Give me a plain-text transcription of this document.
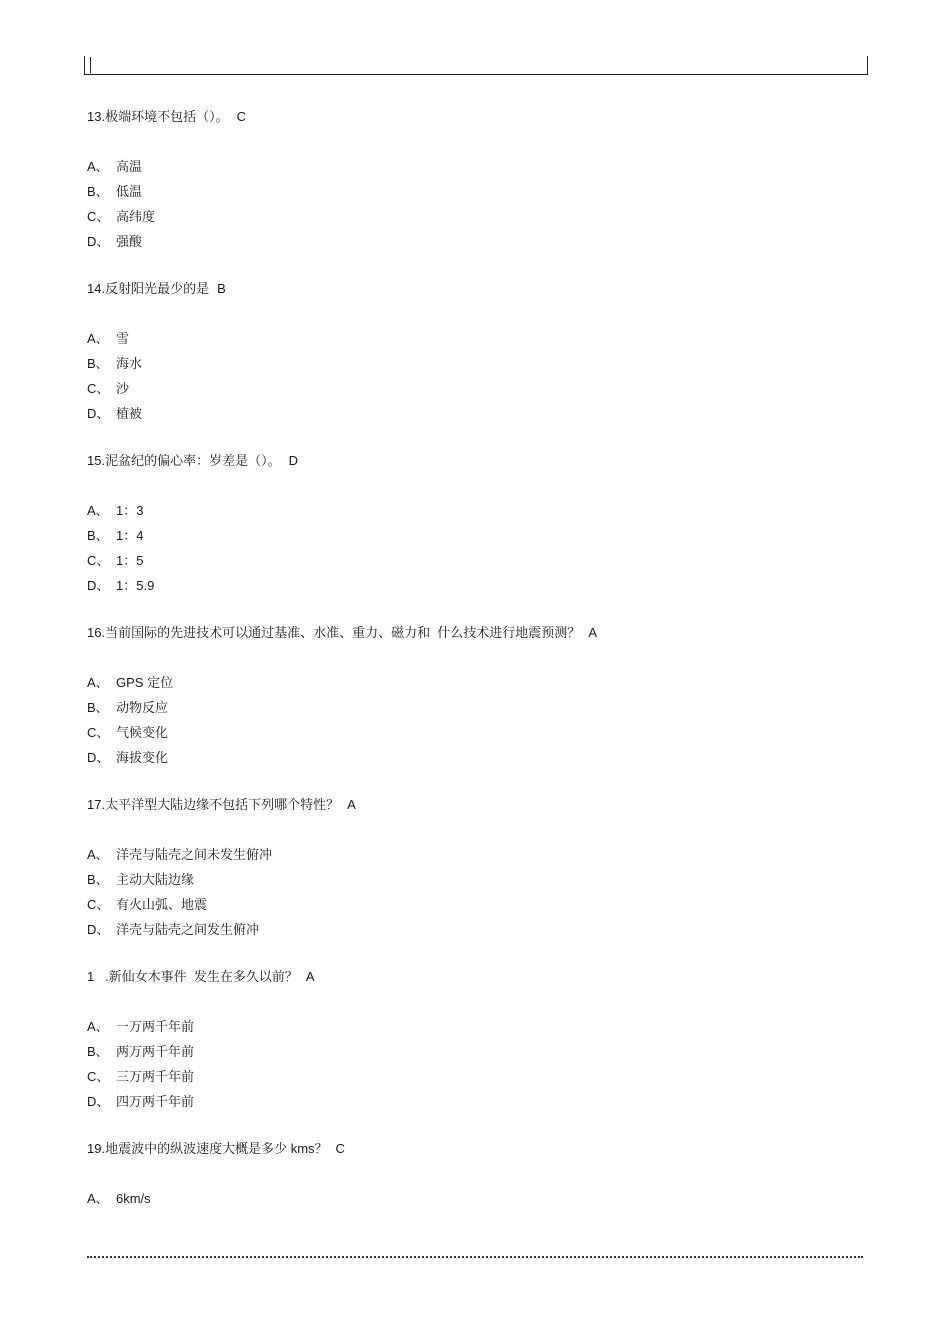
13.极端环境不包括（）。 C
A、 高温
B、 低温
C、 高纬度
D、 强酸
14.反射阳光最少的是 B
A、 雪
B、 海水
C、 沙
D、 植被
15.泥盆纪的偏心率：岁差是（）。 D
A、 1：3
B、 1：4
C、 1：5
D、 1：5.9
16.当前国际的先进技术可以通过基准、水准、重力、磁力和  什么技术进行地震预测？ A
A、 GPS 定位
B、 动物反应
C、 气候变化
D、 海拔变化
17.太平洋型大陆边缘不包括下列哪个特性？ A
A、 洋壳与陆壳之间未发生俯冲
B、 主动大陆边缘
C、 有火山弧、地震
D、 洋壳与陆壳之间发生俯冲
1   .新仙女木事件  发生在多久以前？ A
A、 一万两千年前
B、 两万两千年前
C、 三万两千年前
D、 四万两千年前
19.地震波中的纵波速度大概是多少 kms？ C
A、 6km/s
